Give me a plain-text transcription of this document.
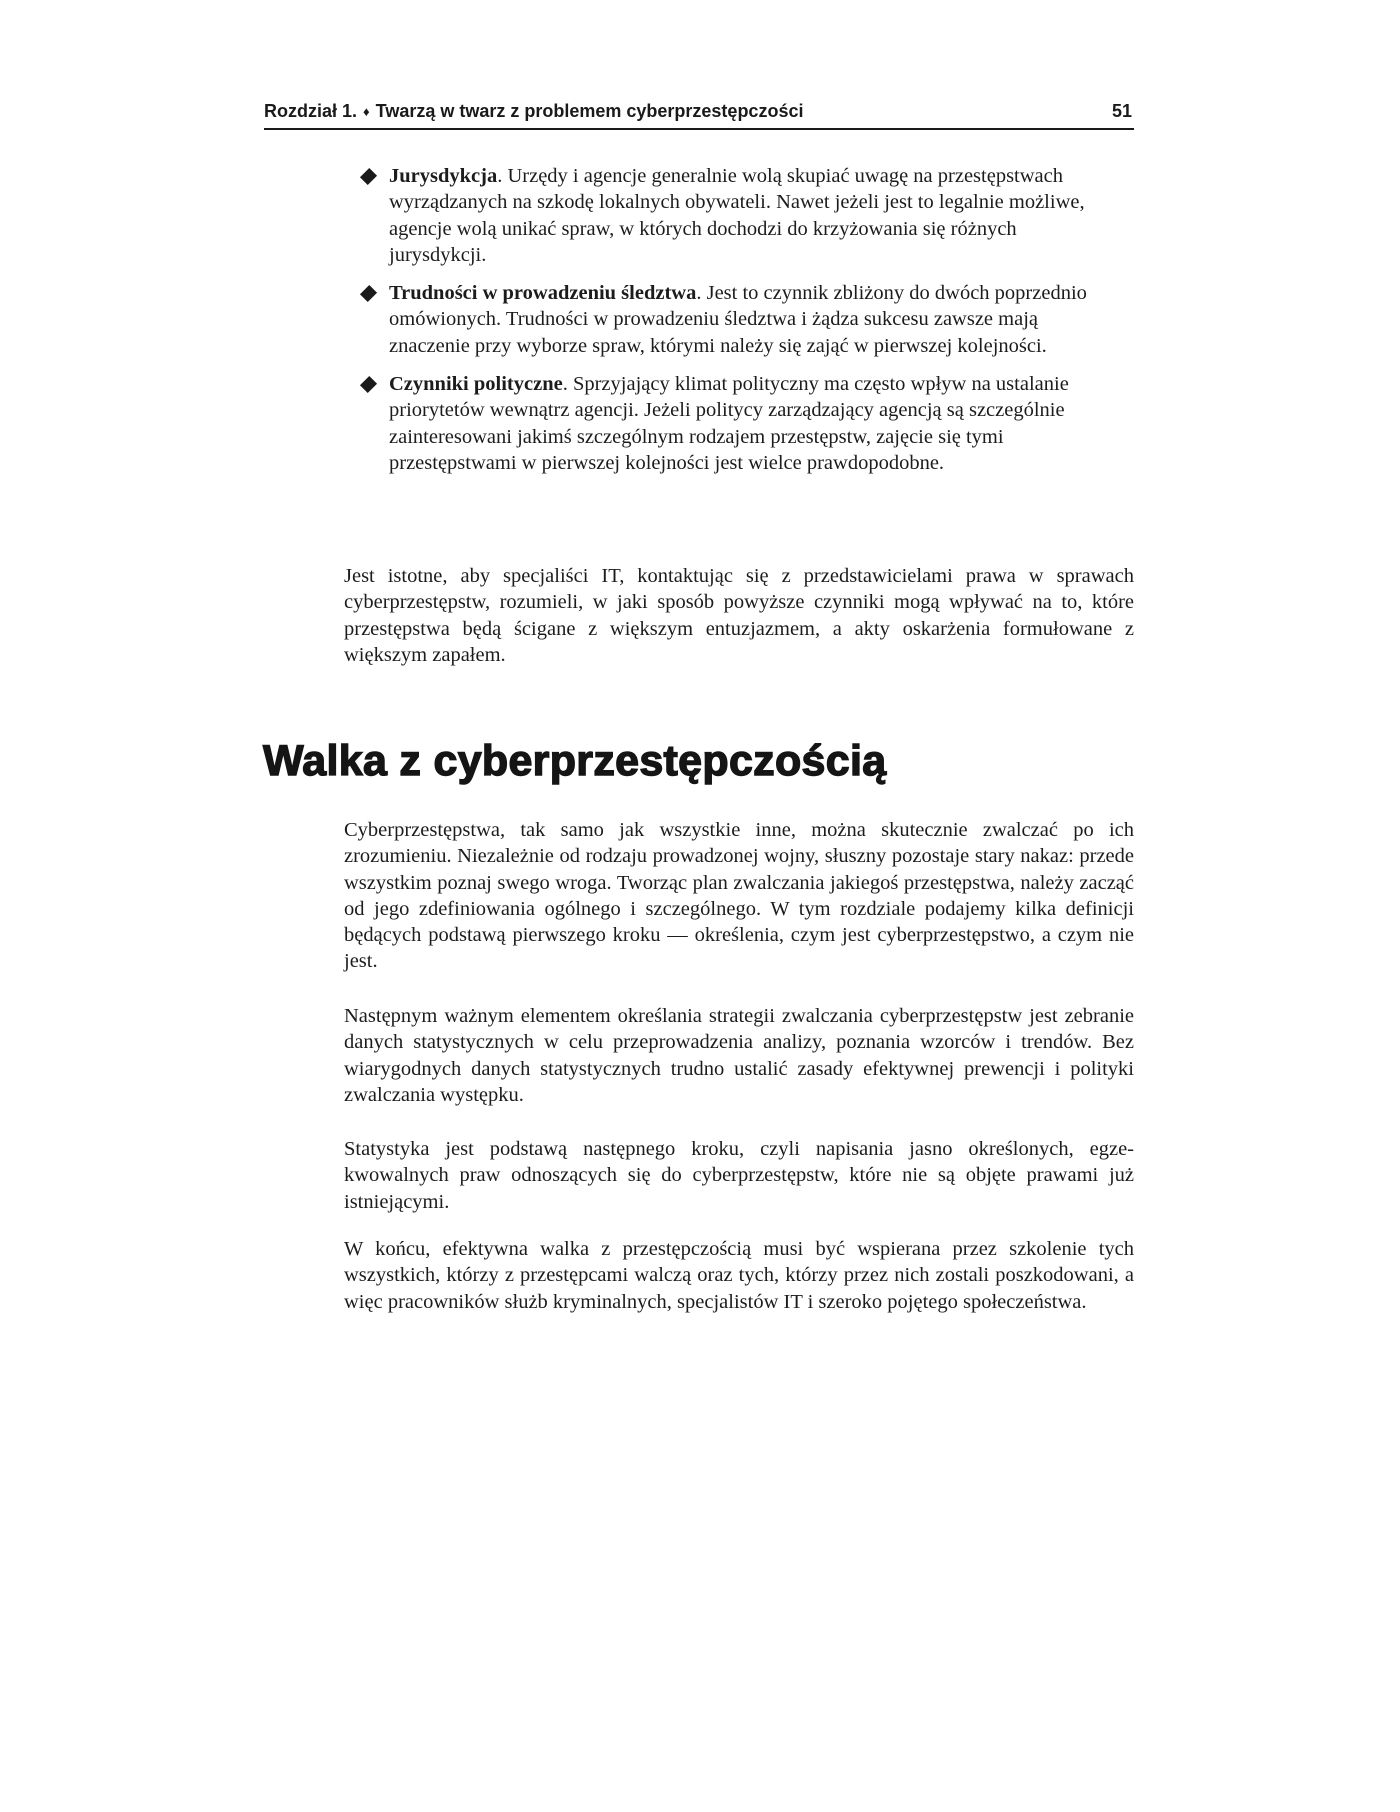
Rozdział 1. ♦ Twarzą w twarz z problemem cyberprzestępczości	51
Jurysdykcja. Urzędy i agencje generalnie wolą skupiać uwagę na przestępstwach wyrządzanych na szkodę lokalnych obywateli. Nawet jeżeli jest to legalnie możliwe, agencje wolą unikać spraw, w których dochodzi do krzyżowania się różnych jurysdykcji.
Trudności w prowadzeniu śledztwa. Jest to czynnik zbliżony do dwóch poprzednio omówionych. Trudności w prowadzeniu śledztwa i żądza sukcesu zawsze mają znaczenie przy wyborze spraw, którymi należy się zająć w pierwszej kolejności.
Czynniki polityczne. Sprzyjający klimat polityczny ma często wpływ na ustalanie priorytetów wewnątrz agencji. Jeżeli politycy zarządzający agencją są szczególnie zainteresowani jakimś szczególnym rodzajem przestępstw, zajęcie się tymi przestępstwami w pierwszej kolejności jest wielce prawdopodobne.

Jest istotne, aby specjaliści IT, kontaktując się z przedstawicielami prawa w sprawach cyberprzestępstw, rozumieli, w jaki sposób powyższe czynniki mogą wpływać na to, które przestępstwa będą ścigane z większym entuzjazmem, a akty oskarżenia formułowane z większym zapałem.

Walka z cyberprzestępczością

Cyberprzestępstwa, tak samo jak wszystkie inne, można skutecznie zwalczać po ich zrozumieniu. Niezależnie od rodzaju prowadzonej wojny, słuszny pozostaje stary nakaz: przede wszystkim poznaj swego wroga. Tworząc plan zwalczania jakiegoś przestępstwa, należy zacząć od jego zdefiniowania ogólnego i szczególnego. W tym rozdziale podajemy kilka definicji będących podstawą pierwszego kroku — określenia, czym jest cyberprzestępstwo, a czym nie jest.

Następnym ważnym elementem określania strategii zwalczania cyberprzestępstw jest zebranie danych statystycznych w celu przeprowadzenia analizy, poznania wzorców i trendów. Bez wiarygodnych danych statystycznych trudno ustalić zasady efektywnej prewencji i polityki zwalczania występku.

Statystyka jest podstawą następnego kroku, czyli napisania jasno określonych, egzekwowalnych praw odnoszących się do cyberprzestępstw, które nie są objęte prawami już istniejącymi.

W końcu, efektywna walka z przestępczością musi być wspierana przez szkolenie tych wszystkich, którzy z przestępcami walczą oraz tych, którzy przez nich zostali poszkodowani, a więc pracowników służb kryminalnych, specjalistów IT i szeroko pojętego społeczeństwa.
